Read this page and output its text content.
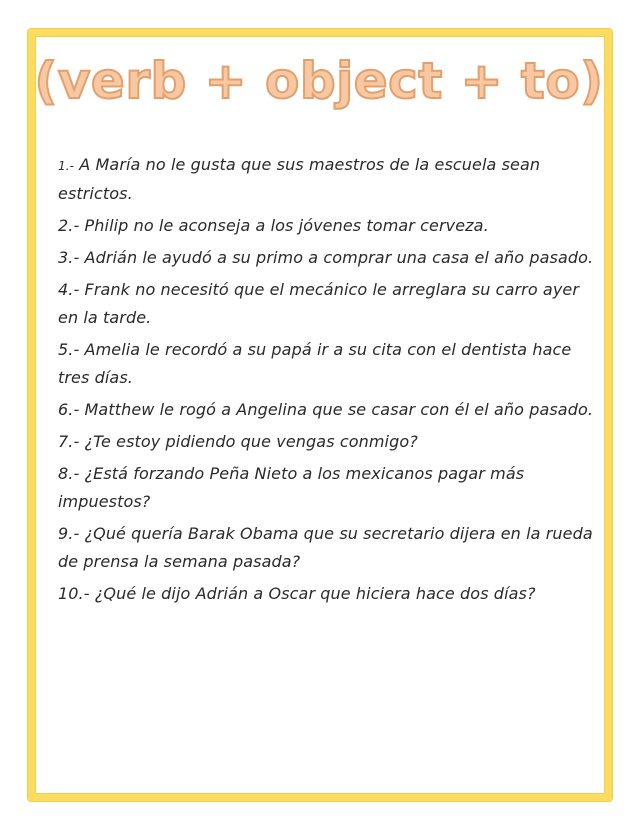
(verb + object + to)
1.- A María no le gusta que sus maestros de la escuela sean estrictos.
2.- Philip no le aconseja a los jóvenes tomar cerveza.
3.- Adrián le ayudó a su primo a comprar una casa el año pasado.
4.- Frank no necesitó que el mecánico le arreglara su carro ayer en la tarde.
5.- Amelia le recordó a su papá ir a su cita con el dentista hace tres días.
6.- Matthew le rogó a Angelina que se casar con él el año pasado.
7.- ¿Te estoy pidiendo que vengas conmigo?
8.- ¿Está forzando Peña Nieto a los mexicanos pagar más impuestos?
9.- ¿Qué quería Barak Obama que su secretario dijera en la rueda de prensa la semana pasada?
10.- ¿Qué le dijo Adrián a Oscar que hiciera hace dos días?
